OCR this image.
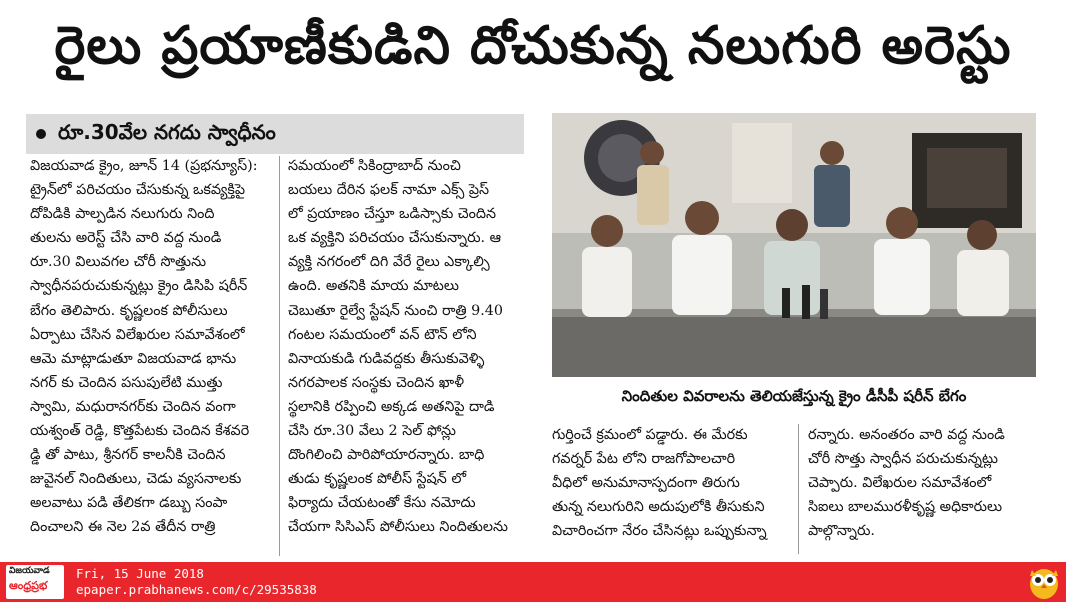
రైలు ప్రయాణీకుడిని దోచుకున్న నలుగురి అరెస్టు
రూ.30వేల నగదు స్వాధీనం

విజయవాడ క్రైం, జూన్ 14 (ప్రభన్యూస్):

ట్రైన్‌లో పరిచయం చేసుకున్న ఒకవ్యక్తిపై

దోపిడికి పాల్పడిన నలుగురు నింది

తులను అరెస్ట్ చేసి వారి వద్ద నుండి

రూ.30 విలువగల చోరీ సొత్తును

స్వాధీనపరుచుకున్నట్లు క్రైం డిసిపి షరీన్

బేగం తెలిపారు. కృష్ణలంక పోలీసులు

ఏర్పాటు చేసిన విలేఖరుల సమావేశంలో

ఆమె మాట్లాడుతూ విజయవాడ భాను

నగర్ కు చెందిన పసుపులేటి ముత్తు

స్వామి, మధురానగర్‌కు చెందిన వంగా

యశ్వంత్ రెడ్డి, కొత్తపేటకు చెందిన కేశవరె

డ్డి తో పాటు, శ్రీనగర్ కాలనీకి చెందిన

జువైనల్ నిందితులు, చెడు వ్యసనాలకు

అలవాటు పడి తేలికగా డబ్బు సంపా

దించాలని ఈ నెల 2వ తేదీన రాత్రి

సమయంలో సికింద్రాబాద్ నుంచి

బయలు దేరిన ఫలక్ నామా ఎక్స్ ప్రెస్

లో ప్రయాణం చేస్తూ ఒడిస్సాకు చెందిన

ఒక వ్యక్తిని పరిచయం చేసుకున్నారు. ఆ

వ్యక్తి నగరంలో దిగి వేరే రైలు ఎక్కాల్సి

ఉంది. అతనికి మాయ మాటలు

చెబుతూ రైల్వే స్టేషన్ నుంచి రాత్రి 9.40

గంటల సమయంలో వన్ టౌన్ లోని

వినాయకుడి గుడివద్దకు తీసుకువెళ్ళి

నగరపాలక సంస్థకు చెందిన ఖాళీ

స్థలానికి రప్పించి అక్కడ అతనిపై దాడి

చేసి రూ.30 వేలు 2 సెల్ ఫోన్లు

దొంగిలించి పారిపోయారన్నారు. బాధి

తుడు కృష్ణలంక పోలీస్ స్టేషన్ లో

ఫిర్యాదు చేయటంతో కేసు నమోదు

చేయగా సిసిఎస్ పోలీసులు నిందితులను

నిందితుల వివరాలను తెలియజేస్తున్న క్రైం డీసీపీ షరీన్ బేగం

గుర్తించే క్రమంలో పడ్డారు. ఈ మేరకు

గవర్నర్ పేట లోని రాజగోపాలచారి

వీధిలో అనుమానాస్పదంగా తిరుగు

తున్న నలుగురిని అదుపులోకి తీసుకుని

విచారించగా నేరం చేసినట్లు ఒప్పుకున్నా

రన్నారు. అనంతరం వారి వద్ద నుండి

చోరీ సొత్తు స్వాధీన పరుచుకున్నట్లు

చెప్పారు. విలేఖరుల సమావేశంలో

సిఐలు బాలమురళీకృష్ణ అధికారులు

పాల్గొన్నారు.

విజయవాడ
ఆంధ్రప్రభ
Fri, 15 June 2018
epaper.prabhanews.com/c/29535838
